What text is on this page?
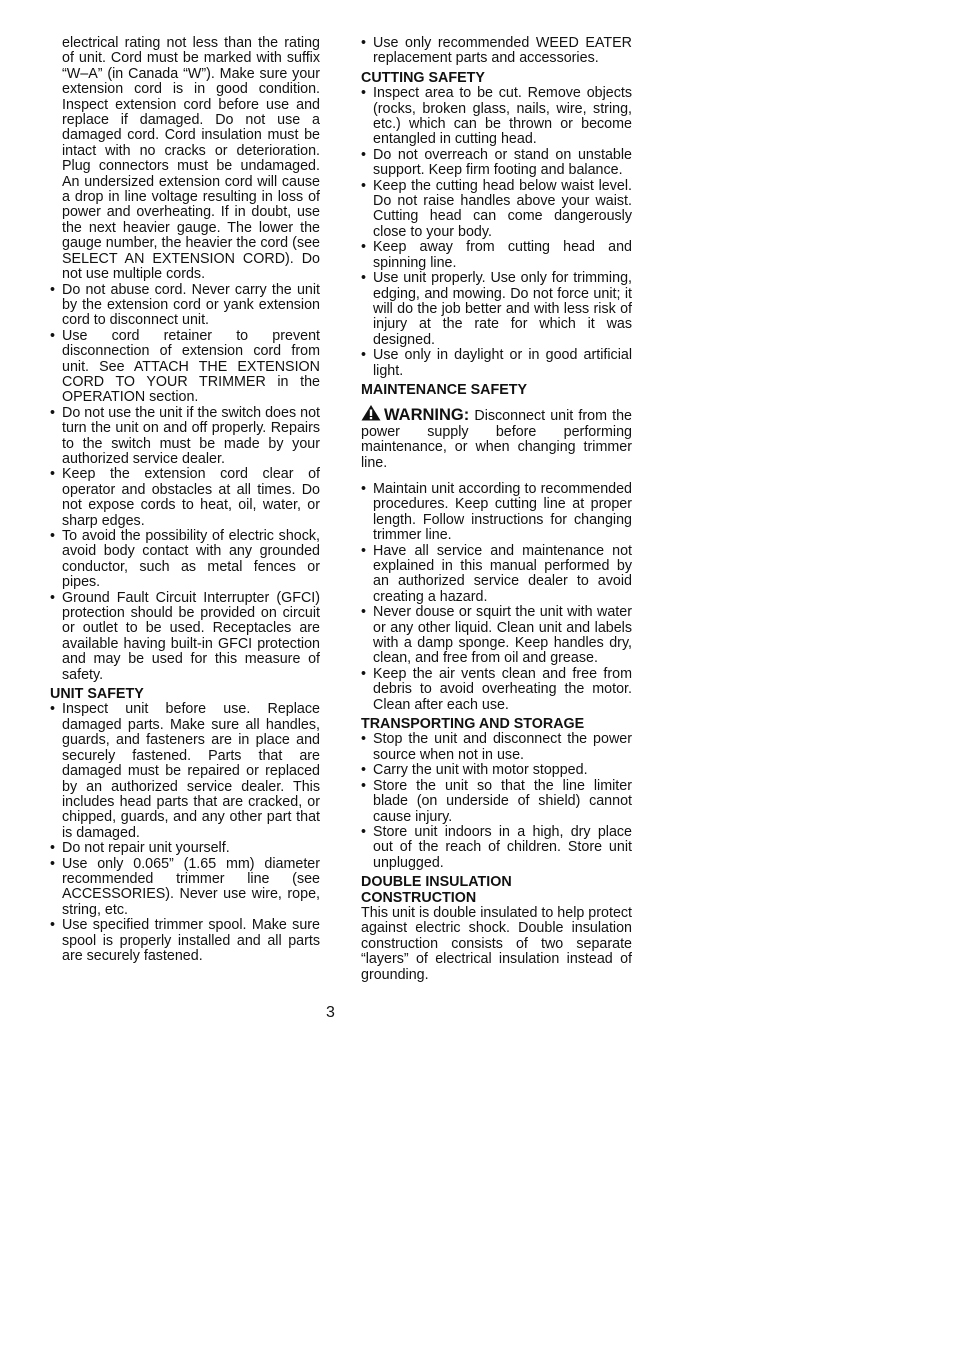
electrical rating not less than the rating of unit. Cord must be marked with suffix “W–A” (in Canada “W”). Make sure your extension cord is in good condition. Inspect extension cord before use and replace if damaged. Do not use a damaged cord. Cord insulation must be intact with no cracks or deterioration. Plug connectors must be undamaged. An undersized extension cord will cause a drop in line voltage resulting in loss of power and overheating. If in doubt, use the next heavier gauge. The lower the gauge number, the heavier the cord (see SELECT AN EXTENSION CORD). Do not use multiple cords.

• Do not abuse cord. Never carry the unit by the extension cord or yank extension cord to disconnect unit.
• Use cord retainer to prevent disconnection of extension cord from unit. See ATTACH THE EXTENSION CORD TO YOUR TRIMMER in the OPERATION section.
• Do not use the unit if the switch does not turn the unit on and off properly. Repairs to the switch must be made by your authorized service dealer.
• Keep the extension cord clear of operator and obstacles at all times. Do not expose cords to heat, oil, water, or sharp edges.
• To avoid the possibility of electric shock, avoid body contact with any grounded conductor, such as metal fences or pipes.
• Ground Fault Circuit Interrupter (GFCI) protection should be provided on circuit or outlet to be used. Receptacles are available having built-in GFCI protection and may be used for this measure of safety.
UNIT SAFETY
• Inspect unit before use. Replace damaged parts. Make sure all handles, guards, and fasteners are in place and securely fastened. Parts that are damaged must be repaired or replaced by an authorized service dealer. This includes head parts that are cracked, or chipped, guards, and any other part that is damaged.
• Do not repair unit yourself.
• Use only 0.065” (1.65 mm) diameter recommended trimmer line (see ACCESSORIES). Never use wire, rope, string, etc.
• Use specified trimmer spool. Make sure spool is properly installed and all parts are securely fastened.
• Use only recommended WEED EATER replacement parts and accessories.
CUTTING SAFETY
• Inspect area to be cut. Remove objects (rocks, broken glass, nails, wire, string, etc.) which can be thrown or become entangled in cutting head.
• Do not overreach or stand on unstable support. Keep firm footing and balance.
• Keep the cutting head below waist level. Do not raise handles above your waist. Cutting head can come dangerously close to your body.
• Keep away from cutting head and spinning line.
• Use unit properly. Use only for trimming, edging, and mowing. Do not force unit; it will do the job better and with less risk of injury at the rate for which it was designed.
• Use only in daylight or in good artificial light.
MAINTENANCE SAFETY

WARNING: Disconnect unit from the power supply before performing maintenance, or when changing trimmer line.

• Maintain unit according to recommended procedures. Keep cutting line at proper length. Follow instructions for changing trimmer line.
• Have all service and maintenance not explained in this manual performed by an authorized service dealer to avoid creating a hazard.
• Never douse or squirt the unit with water or any other liquid. Clean unit and labels with a damp sponge. Keep handles dry, clean, and free from oil and grease.
• Keep the air vents clean and free from debris to avoid overheating the motor. Clean after each use.
TRANSPORTING AND STORAGE
• Stop the unit and disconnect the power source when not in use.
• Carry the unit with motor stopped.
• Store the unit so that the line limiter blade (on underside of shield) cannot cause injury.
• Store unit indoors in a high, dry place out of the reach of children. Store unit unplugged.
DOUBLE INSULATION
CONSTRUCTION

This unit is double insulated to help protect against electric shock. Double insulation construction consists of two separate “layers” of electrical insulation instead of grounding.

3
